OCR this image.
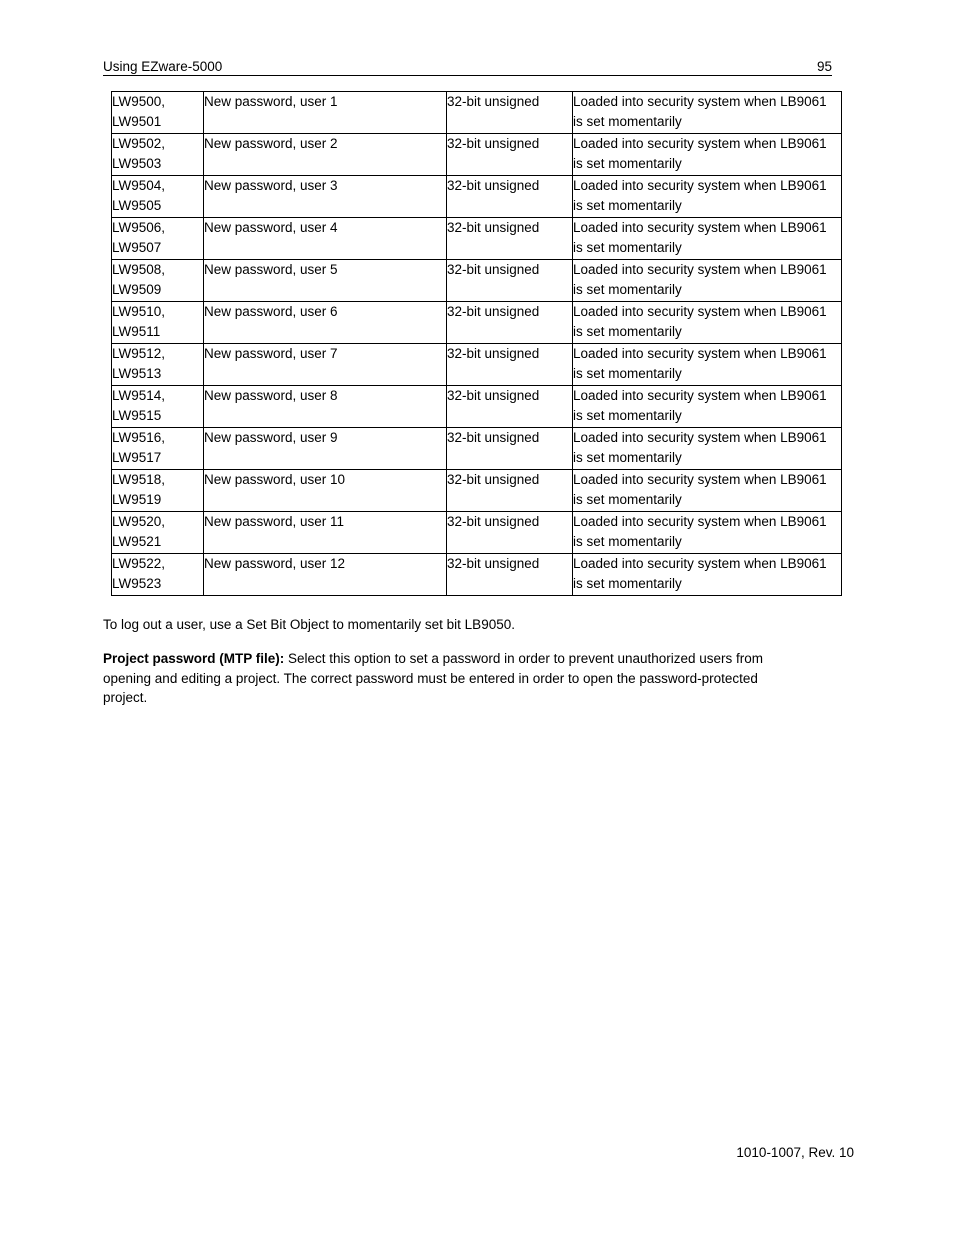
Using EZware-5000	95
LW9500,
LW9501	New password, user 1	32-bit unsigned	Loaded into security system when LB9061
is set momentarily
LW9502,
LW9503	New password, user 2	32-bit unsigned	Loaded into security system when LB9061
is set momentarily
LW9504,
LW9505	New password, user 3	32-bit unsigned	Loaded into security system when LB9061
is set momentarily
LW9506,
LW9507	New password, user 4	32-bit unsigned	Loaded into security system when LB9061
is set momentarily
LW9508,
LW9509	New password, user 5	32-bit unsigned	Loaded into security system when LB9061
is set momentarily
LW9510,
LW9511	New password, user 6	32-bit unsigned	Loaded into security system when LB9061
is set momentarily
LW9512,
LW9513	New password, user 7	32-bit unsigned	Loaded into security system when LB9061
is set momentarily
LW9514,
LW9515	New password, user 8	32-bit unsigned	Loaded into security system when LB9061
is set momentarily
LW9516,
LW9517	New password, user 9	32-bit unsigned	Loaded into security system when LB9061
is set momentarily
LW9518,
LW9519	New password, user 10	32-bit unsigned	Loaded into security system when LB9061
is set momentarily
LW9520,
LW9521	New password, user 11	32-bit unsigned	Loaded into security system when LB9061
is set momentarily
LW9522,
LW9523	New password, user 12	32-bit unsigned	Loaded into security system when LB9061
is set momentarily
To log out a user, use a Set Bit Object to momentarily set bit LB9050.
Project password (MTP file): Select this option to set a password in order to prevent unauthorized users from
opening and editing a project. The correct password must be entered in order to open the password-protected
project.
1010-1007, Rev. 10
